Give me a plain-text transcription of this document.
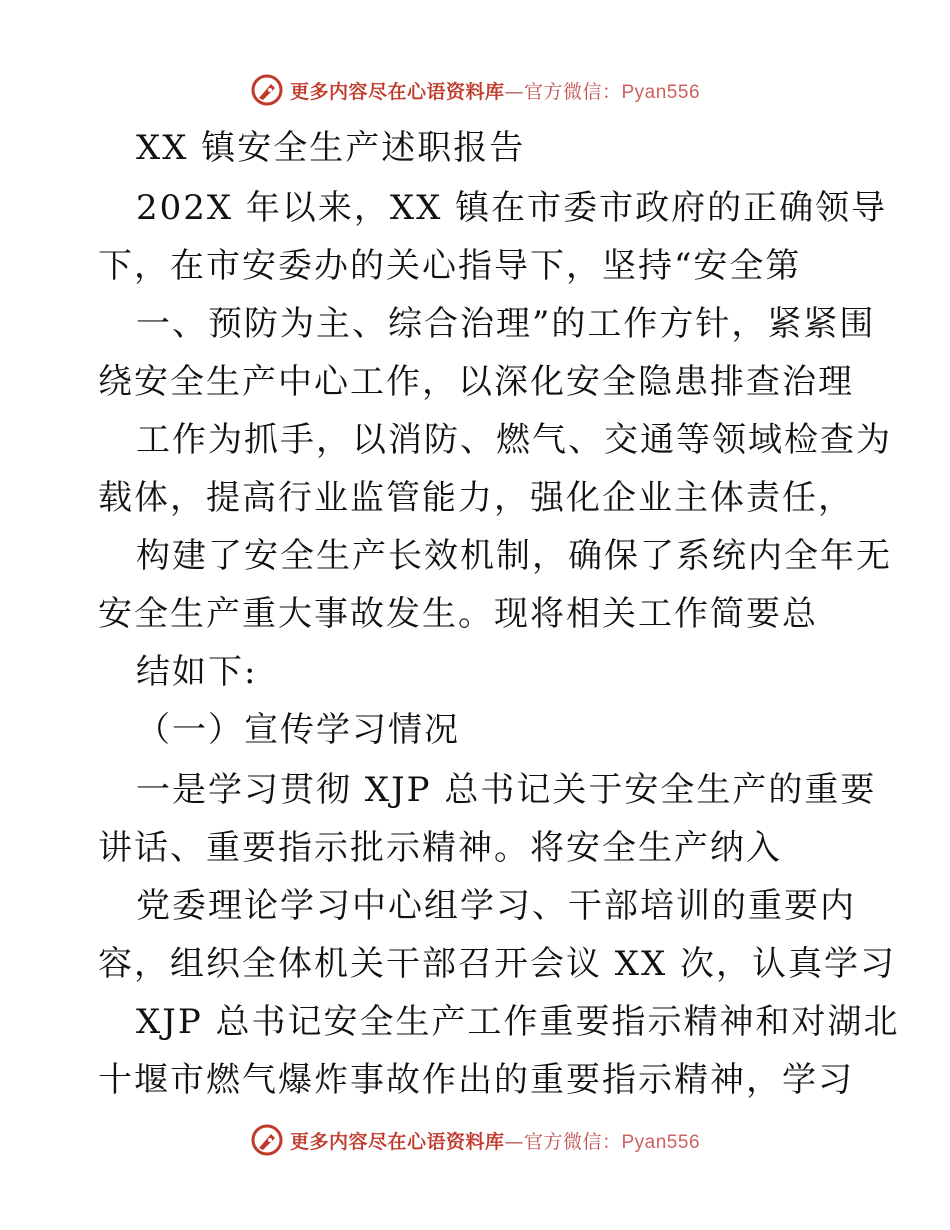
更多内容尽在心语资料库—官方微信：Pyan556
XX 镇安全生产述职报告
202X 年以来，XX 镇在市委市政府的正确领导
下，在市安委办的关心指导下，坚持“安全第
一、预防为主、综合治理”的工作方针，紧紧围
绕安全生产中心工作，以深化安全隐患排查治理
工作为抓手，以消防、燃气、交通等领域检查为
载体，提高行业监管能力，强化企业主体责任，
构建了安全生产长效机制，确保了系统内全年无
安全生产重大事故发生。现将相关工作简要总
结如下:
（一）宣传学习情况
一是学习贯彻 XJP 总书记关于安全生产的重要
讲话、重要指示批示精神。将安全生产纳入
党委理论学习中心组学习、干部培训的重要内
容，组织全体机关干部召开会议 XX 次，认真学习
XJP 总书记安全生产工作重要指示精神和对湖北
十堰市燃气爆炸事故作出的重要指示精神，学习
更多内容尽在心语资料库—官方微信：Pyan556
